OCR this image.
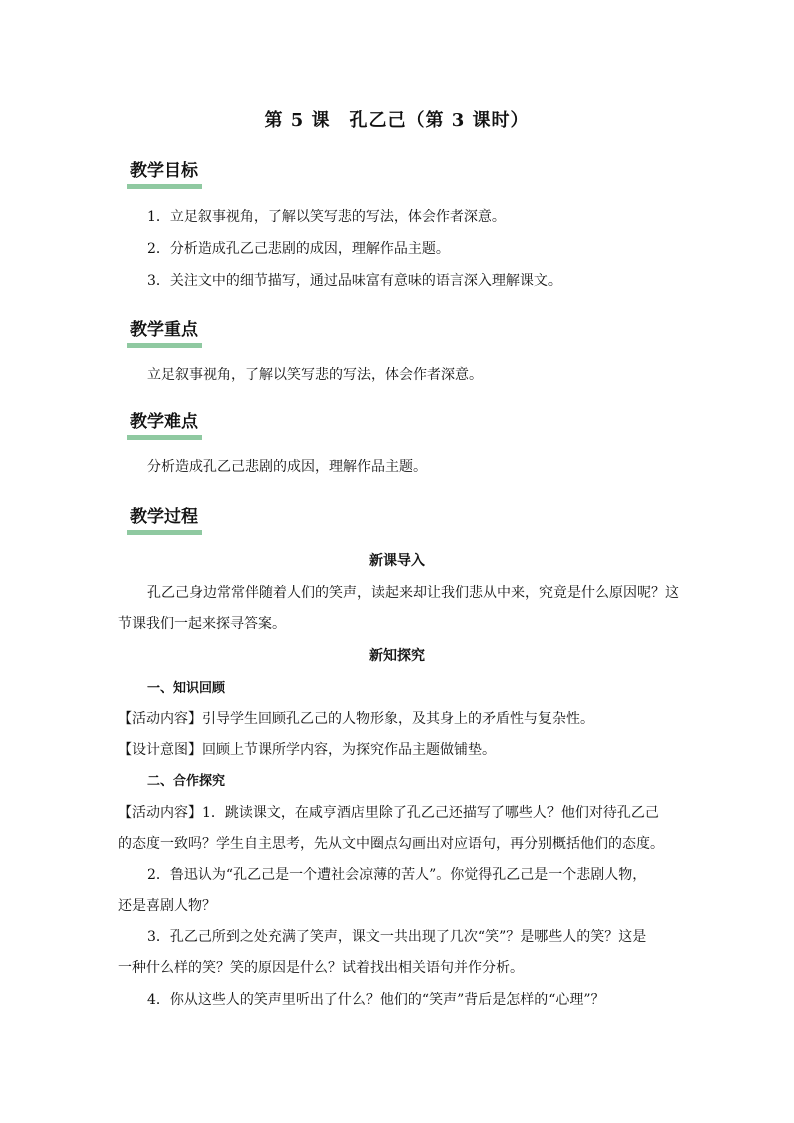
第 5 课　孔乙己（第 3 课时）
教学目标
1．立足叙事视角，了解以笑写悲的写法，体会作者深意。
2．分析造成孔乙己悲剧的成因，理解作品主题。
3．关注文中的细节描写，通过品味富有意味的语言深入理解课文。
教学重点
立足叙事视角，了解以笑写悲的写法，体会作者深意。
教学难点
分析造成孔乙己悲剧的成因，理解作品主题。
教学过程
新课导入
孔乙己身边常常伴随着人们的笑声，读起来却让我们悲从中来，究竟是什么原因呢？这
节课我们一起来探寻答案。
新知探究
一、知识回顾
【活动内容】引导学生回顾孔乙己的人物形象，及其身上的矛盾性与复杂性。
【设计意图】回顾上节课所学内容，为探究作品主题做铺垫。
二、合作探究
【活动内容】1．跳读课文，在咸亨酒店里除了孔乙己还描写了哪些人？他们对待孔乙己
的态度一致吗？学生自主思考，先从文中圈点勾画出对应语句，再分别概括他们的态度。
2．鲁迅认为“孔乙己是一个遭社会凉薄的苦人”。你觉得孔乙己是一个悲剧人物，
还是喜剧人物？
3．孔乙己所到之处充满了笑声，课文一共出现了几次“笑”？是哪些人的笑？这是
一种什么样的笑？笑的原因是什么？试着找出相关语句并作分析。
4．你从这些人的笑声里听出了什么？他们的“笑声”背后是怎样的“心理”？
